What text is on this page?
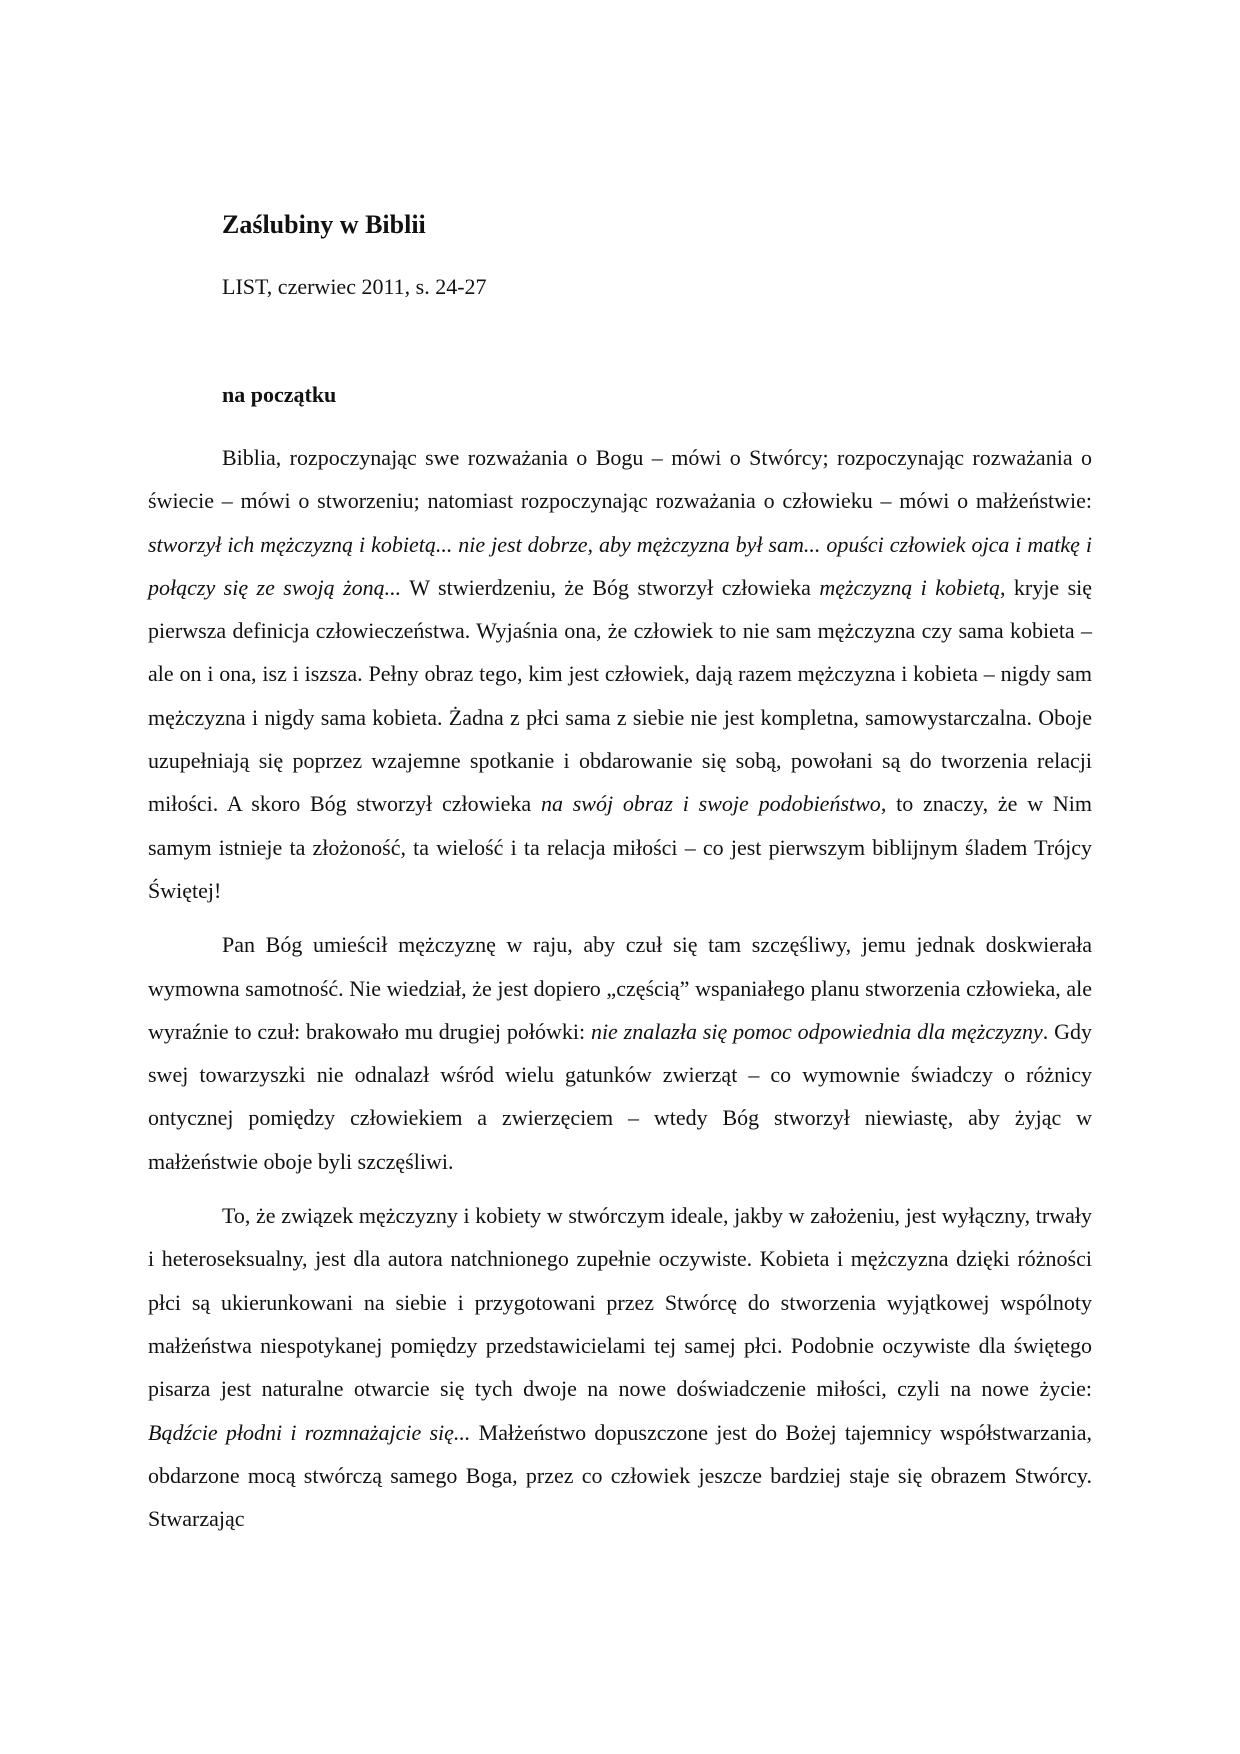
Zaślubiny w Biblii

LIST, czerwiec 2011, s. 24-27

na początku

Biblia, rozpoczynając swe rozważania o Bogu – mówi o Stwórcy; rozpoczynając rozważania o świecie – mówi o stworzeniu; natomiast rozpoczynając rozważania o człowieku – mówi o małżeństwie: stworzył ich mężczyzną i kobietą... nie jest dobrze, aby mężczyzna był sam... opuści człowiek ojca i matkę i połączy się ze swoją żoną... W stwierdzeniu, że Bóg stworzył człowieka mężczyzną i kobietą, kryje się pierwsza definicja człowieczeństwa. Wyjaśnia ona, że człowiek to nie sam mężczyzna czy sama kobieta – ale on i ona, isz i iszsza. Pełny obraz tego, kim jest człowiek, dają razem mężczyzna i kobieta – nigdy sam mężczyzna i nigdy sama kobieta. Żadna z płci sama z siebie nie jest kompletna, samowystarczalna. Oboje uzupełniają się poprzez wzajemne spotkanie i obdarowanie się sobą, powołani są do tworzenia relacji miłości. A skoro Bóg stworzył człowieka na swój obraz i swoje podobieństwo, to znaczy, że w Nim samym istnieje ta złożoność, ta wielość i ta relacja miłości – co jest pierwszym biblijnym śladem Trójcy Świętej!

Pan Bóg umieścił mężczyznę w raju, aby czuł się tam szczęśliwy, jemu jednak doskwierała wymowna samotność. Nie wiedział, że jest dopiero „częścią” wspaniałego planu stworzenia człowieka, ale wyraźnie to czuł: brakowało mu drugiej połówki: nie znalazła się pomoc odpowiednia dla mężczyzny. Gdy swej towarzyszki nie odnalazł wśród wielu gatunków zwierząt – co wymownie świadczy o różnicy ontycznej pomiędzy człowiekiem a zwierzęciem – wtedy Bóg stworzył niewiastę, aby żyjąc w małżeństwie oboje byli szczęśliwi.

To, że związek mężczyzny i kobiety w stwórczym ideale, jakby w założeniu, jest wyłączny, trwały i heteroseksualny, jest dla autora natchnionego zupełnie oczywiste. Kobieta i mężczyzna dzięki różności płci są ukierunkowani na siebie i przygotowani przez Stwórcę do stworzenia wyjątkowej wspólnoty małżeństwa niespotykanej pomiędzy przedstawicielami tej samej płci. Podobnie oczywiste dla świętego pisarza jest naturalne otwarcie się tych dwoje na nowe doświadczenie miłości, czyli na nowe życie: Bądźcie płodni i rozmnażajcie się... Małżeństwo dopuszczone jest do Bożej tajemnicy współstwarzania, obdarzone mocą stwórczą samego Boga, przez co człowiek jeszcze bardziej staje się obrazem Stwórcy. Stwarzając
